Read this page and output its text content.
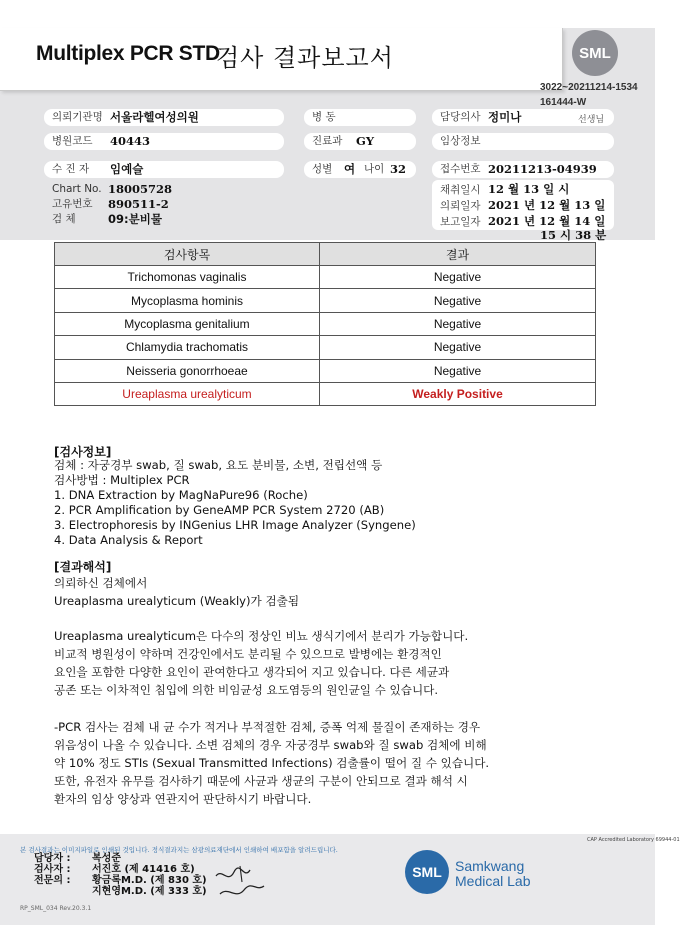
Multiplex PCR STD
검사 결과보고서	SML
3022~20211214-1534
161444-W
의뢰기관명 서울라헬여성의원	병 동	담당의사 정미나	선생님
병원코드 40443	진료과 GY	임상정보
수 진 자 임예슬	성별 여 나이 32	접수번호 20211213-04939
Chart No. 18005728
고유번호 890511-2
검 체	09:분비물
채취일시 12 월 13 일 시
의뢰일자 2021 년 12 월 13 일
보고일자 2021 년 12 월 14 일
15 시 38 분
검사항목	결과
Trichomonas vaginalis	Negative
Mycoplasma hominis	Negative
Mycoplasma genitalium	Negative
Chlamydia trachomatis	Negative
Neisseria gonorrhoeae	Negative
Ureaplasma urealyticum	Weakly Positive
[검사정보]
검체 : 자궁경부 swab, 질 swab, 요도 분비물, 소변, 전립선액 등
검사방법 : Multiplex PCR
1. DNA Extraction by MagNaPure96 (Roche)
2. PCR Amplification by GeneAMP PCR System 2720 (AB)
3. Electrophoresis by INGenius LHR Image Analyzer (Syngene)
4. Data Analysis & Report
[결과해석]
의뢰하신 검체에서
Ureaplasma urealyticum (Weakly)가 검출됨
Ureaplasma urealyticum은 다수의 정상인 비뇨 생식기에서 분리가 가능합니다.
비교적 병원성이 약하며 건강인에서도 분리될 수 있으므로 발병에는 환경적인
요인을 포함한 다양한 요인이 관여한다고 생각되어 지고 있습니다. 다른 세균과
공존 또는 이차적인 침입에 의한 비임균성 요도염등의 원인균일 수 있습니다.
-PCR 검사는 검체 내 균 수가 적거나 부적절한 검체, 증폭 억제 물질이 존재하는 경우
위음성이 나올 수 있습니다. 소변 검체의 경우 자궁경부 swab와 질 swab 검체에 비해
약 10% 정도 STIs (Sexual Transmitted Infections) 검출률이 떨어 질 수 있습니다.
또한, 유전자 유무를 검사하기 때문에 사균과 생균의 구분이 안되므로 결과 해석 시
환자의 임상 양상과 연관지어 판단하시기 바랍니다.
CAP Accredited Laboratory 69944-01
본 검사결과는 이미지파일로 인쇄된 것입니다. 정식결과지는 삼광의료재단에서 인쇄하여 배포함을 알려드립니다.
담당자 : 복성준
검사자 : 서진호 (제 41416 호)
전문의 : 황금록M.D. (제 830 호)
지현영M.D. (제 333 호)
SML Samkwang
Medical Lab
RP_SML_034 Rev.20.3.1
